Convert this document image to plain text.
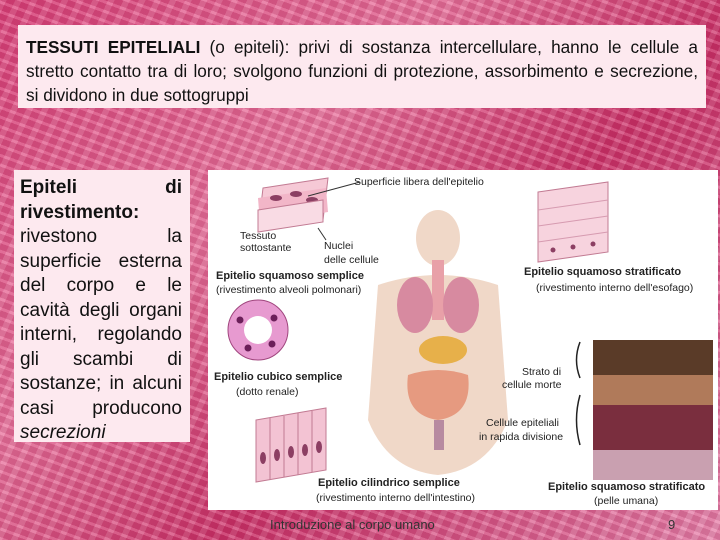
TESSUTI EPITELIALI (o epiteli): privi di sostanza intercellulare, hanno le cellule a stretto contatto tra di loro; svolgono funzioni di protezione, assorbimento e secrezione, si dividono in due sottogruppi
Epiteli di
rivestimento:
rivestono la superficie esterna del corpo e le cavità degli organi interni, regolando gli scambi di sostanze; in alcuni casi producono secrezioni
Superficie libera dell'epitelio
Tessuto
sottostante	Nuclei
delle cellule
Epitelio squamoso semplice
(rivestimento alveoli polmonari)
Epitelio squamoso stratificato
(rivestimento interno dell'esofago)
Epitelio cubico semplice
(dotto renale)
Strato di
cellule morte
Cellule epiteliali
in rapida divisione
Epitelio cilindrico semplice
(rivestimento interno dell'intestino)
Epitelio squamoso stratificato
(pelle umana)
Introduzione al corpo umano	9
